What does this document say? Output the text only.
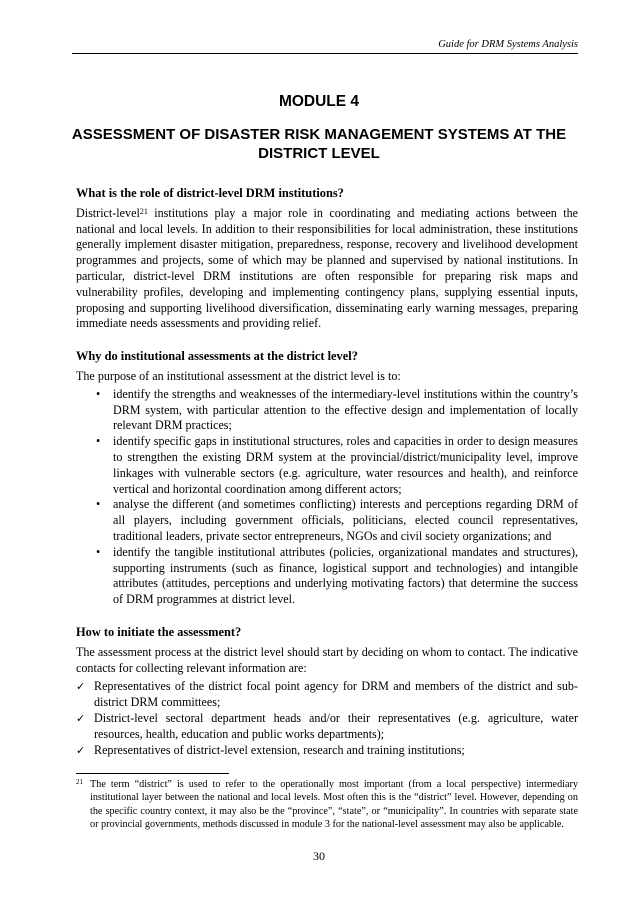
Guide for DRM Systems Analysis
MODULE 4
ASSESSMENT OF DISASTER RISK MANAGEMENT SYSTEMS AT THE DISTRICT LEVEL
What is the role of district-level DRM institutions?

District-level$^{21}$ institutions play a major role in coordinating and mediating actions between the national and local levels. In addition to their responsibilities for local administration, these institutions generally implement disaster mitigation, preparedness, response, recovery and livelihood development programmes and projects, some of which may be planned and supervised by national institutions. In particular, district-level DRM institutions are often responsible for preparing risk maps and vulnerability profiles, developing and implementing contingency plans, supplying essential inputs, proposing and supporting livelihood diversification, disseminating early warning messages, preparing immediate needs assessments and providing relief.

Why do institutional assessments at the district level?

The purpose of an institutional assessment at the district level is to:

• identify the strengths and weaknesses of the intermediary-level institutions within the country’s DRM system, with particular attention to the effective design and implementation of locally relevant DRM practices;
• identify specific gaps in institutional structures, roles and capacities in order to design measures to strengthen the existing DRM system at the provincial/district/municipality level, improve linkages with vulnerable sectors (e.g. agriculture, water resources and health), and reinforce vertical and horizontal coordination among different actors;
• analyse the different (and sometimes conflicting) interests and perceptions regarding DRM of all players, including government officials, politicians, elected council representatives, traditional leaders, private sector entrepreneurs, NGOs and civil society organizations; and
• identify the tangible institutional attributes (policies, organizational mandates and structures), supporting instruments (such as finance, logistical support and technologies) and intangible attributes (attitudes, perceptions and underlying motivating factors) that determine the success of DRM programmes at district level.
How to initiate the assessment?

The assessment process at the district level should start by deciding on whom to contact. The indicative contacts for collecting relevant information are:

✓ Representatives of the district focal point agency for DRM and members of the district and sub-district DRM committees;
✓ District-level sectoral department heads and/or their representatives (e.g. agriculture, water resources, health, education and public works departments);
✓ Representatives of district-level extension, research and training institutions;
21 The term “district” is used to refer to the operationally most important (from a local perspective) intermediary institutional layer between the national and local levels. Most often this is the “district” level. However, depending on the specific country context, it may also be the “province”, “state”, or “municipality”. In countries with separate state or provincial governments, methods discussed in module 3 for the national-level assessment may also be applicable.
30
